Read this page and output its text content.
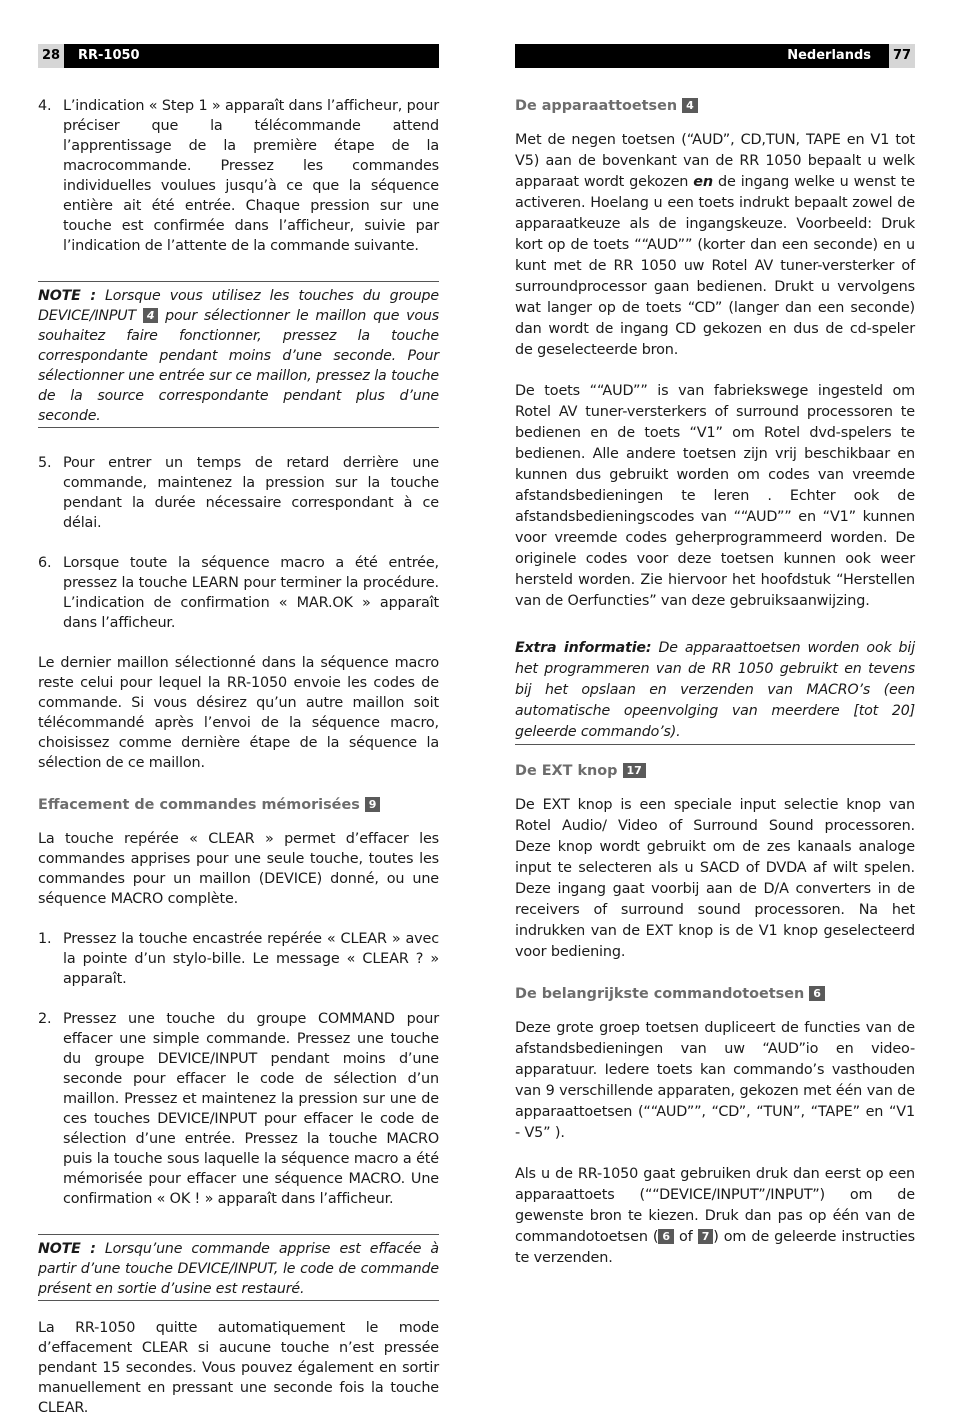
28	RR-1050

4. L’indication « Step 1 » apparaît dans l’afficheur, pour préciser que la télécommande attend l’apprentissage de la première étape de la macrocommande. Pressez les commandes individuelles voulues jusqu’à ce que la séquence entière ait été entrée. Chaque pression sur une touche est confirmée dans l’afficheur, suivie par l’indication de l’attente de la commande suivante.

NOTE : Lorsque vous utilisez les touches du groupe DEVICE/INPUT 4 pour sélectionner le maillon que vous souhaitez faire fonctionner, pressez la touche correspondante pendant moins d’une seconde. Pour sélectionner une entrée sur ce maillon, pressez la touche de la source correspondante pendant plus d’une seconde.

5. Pour entrer un temps de retard derrière une commande, maintenez la pression sur la touche pendant la durée nécessaire correspondant à ce délai.

6. Lorsque toute la séquence macro a été entrée, pressez la touche LEARN pour terminer la procédure. L’indication de confirmation « MAR.OK » apparaît dans l’afficheur.

Le dernier maillon sélectionné dans la séquence macro reste celui pour lequel la RR-1050 envoie les codes de commande. Si vous désirez qu’un autre maillon soit télécommandé après l’envoi de la séquence macro, choisissez comme dernière étape de la séquence la sélection de ce maillon.

Effacement de commandes mémorisées 9

La touche repérée « CLEAR » permet d’effacer les commandes apprises pour une seule touche, toutes les commandes pour un maillon (DEVICE) donné, ou une séquence MACRO complète.

1. Pressez la touche encastrée repérée « CLEAR » avec la pointe d’un stylo-bille. Le message « CLEAR ? » apparaît.

2. Pressez une touche du groupe COMMAND pour effacer une simple commande. Pressez une touche du groupe DEVICE/INPUT pendant moins d’une seconde pour effacer le code de sélection d’un maillon. Pressez et maintenez la pression sur une de ces touches DEVICE/INPUT pour effacer le code de sélection d’une entrée. Pressez la touche MACRO puis la touche sous laquelle la séquence macro a été mémorisée pour effacer une séquence MACRO. Une confirmation « OK ! » apparaît dans l’afficheur.

NOTE : Lorsqu’une commande apprise est effacée à partir d’une touche DEVICE/INPUT, le code de commande présent en sortie d’usine est restauré.

La RR-1050 quitte automatiquement le mode d’effacement CLEAR si aucune touche n’est pressée pendant 15 secondes. Vous pouvez également en sortir manuellement en pressant une seconde fois la touche CLEAR.

Nederlands	77
De apparaattoetsen 4

Met de negen toetsen (“AUD”, CD,TUN, TAPE en V1 tot V5) aan de bovenkant van de RR 1050 bepaalt u welk apparaat wordt gekozen en de ingang welke u wenst te activeren. Hoelang u een toets indrukt bepaalt zowel de apparaatkeuze als de ingangskeuze. Voorbeeld: Druk kort op de toets ““AUD”” (korter dan een seconde) en u kunt met de RR 1050 uw Rotel AV tuner-versterker of surroundprocessor gaan bedienen. Drukt u vervolgens wat langer op de toets “CD” (langer dan een seconde) dan wordt de ingang CD gekozen en dus de cd-speler de geselecteerde bron.

De toets ““AUD”” is van fabriekswege ingesteld om Rotel AV tuner-versterkers of surround processoren te bedienen en de toets “V1” om Rotel dvd-spelers te bedienen. Alle andere toetsen zijn vrij beschikbaar en kunnen dus gebruikt worden om codes van vreemde afstandsbedieningen te leren . Echter ook de afstandsbedieningscodes van ““AUD”” en “V1” kunnen voor vreemde codes geherprogrammeerd worden. De originele codes voor deze toetsen kunnen ook weer hersteld worden. Zie hiervoor het hoofdstuk “Herstellen van de Oerfuncties” van deze gebruiksaanwijzing.

Extra informatie: De apparaattoetsen worden ook bij het programmeren van de RR 1050 gebruikt en tevens bij het opslaan en verzenden van MACRO’s (een automatische opeenvolging van meerdere [tot 20] geleerde commando’s).

De EXT knop 17

De EXT knop is een speciale input selectie knop van Rotel Audio/ Video of Surround Sound processoren. Deze knop wordt gebruikt om de zes kanaals analoge input te selecteren als u SACD of DVDA af wilt spelen. Deze ingang gaat voorbij aan de D/A converters in de receivers of surround sound processoren. Na het indrukken van de EXT knop is de V1 knop geselecteerd voor bediening.

De belangrijkste commandotoetsen 6

Deze grote groep toetsen dupliceert de functies van de afstandsbedieningen van uw “AUD”io en video-apparatuur. Iedere toets kan commando’s vasthouden van 9 verschillende apparaten, gekozen met één van de apparaattoetsen (““AUD””, “CD”, “TUN”, “TAPE” en “V1 - V5” ).

Als u de RR-1050 gaat gebruiken druk dan eerst op een apparaattoets (““DEVICE/INPUT”/INPUT”) om de gewenste bron te kiezen. Druk dan pas op één van de commandotoetsen ( 6 of 7 ) om de geleerde instructies te verzenden.
